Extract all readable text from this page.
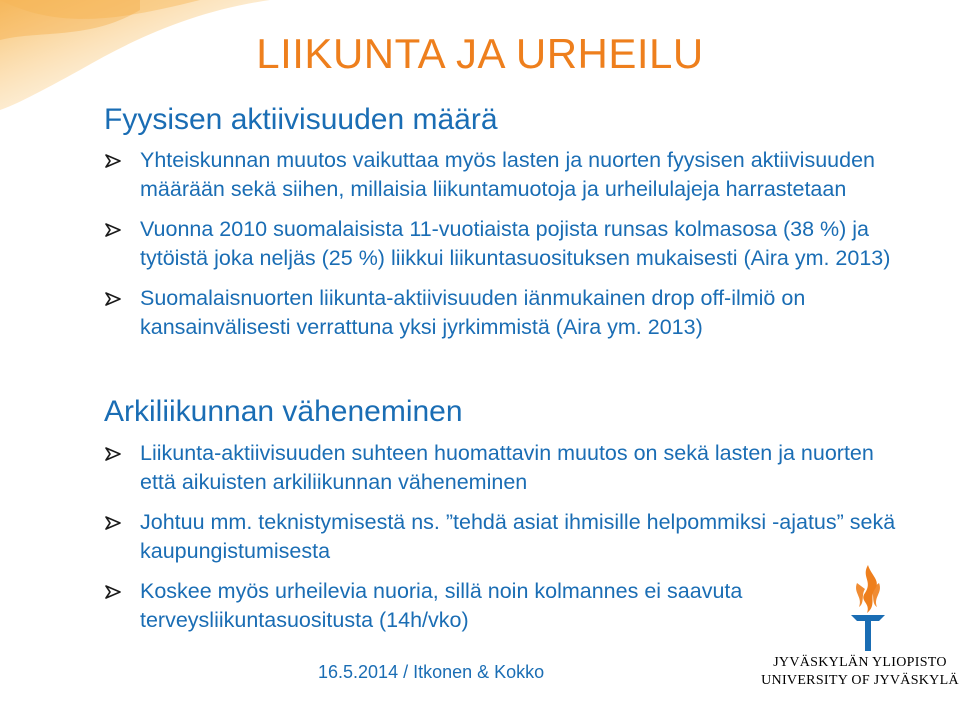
LIIKUNTA JA URHEILU
Fyysisen aktiivisuuden määrä
Yhteiskunnan muutos vaikuttaa myös lasten ja nuorten fyysisen aktiivisuuden määrään sekä siihen, millaisia liikuntamuotoja ja urheilulajeja harrastetaan
Vuonna 2010 suomalaisista 11-vuotiaista pojista runsas kolmasosa (38 %) ja tytöistä joka neljäs (25 %) liikkui liikuntasuosituksen mukaisesti (Aira ym. 2013)
Suomalaisnuorten liikunta-aktiivisuuden iänmukainen drop off-ilmiö on kansainvälisesti verrattuna yksi jyrkimmistä (Aira ym. 2013)
Arkiliikunnan väheneminen
Liikunta-aktiivisuuden suhteen huomattavin muutos on sekä lasten ja nuorten että aikuisten arkiliikunnan väheneminen
Johtuu mm. teknistymisestä ns. ”tehdä asiat ihmisille helpommiksi -ajatus” sekä kaupungistumisesta
Koskee myös urheilevia nuoria, sillä noin kolmannes ei saavuta terveysliikuntasuositusta (14h/vko)
16.5.2014 / Itkonen & Kokko	JYVÄSKYLÄN YLIOPISTO
UNIVERSITY OF JYVÄSKYLÄ
